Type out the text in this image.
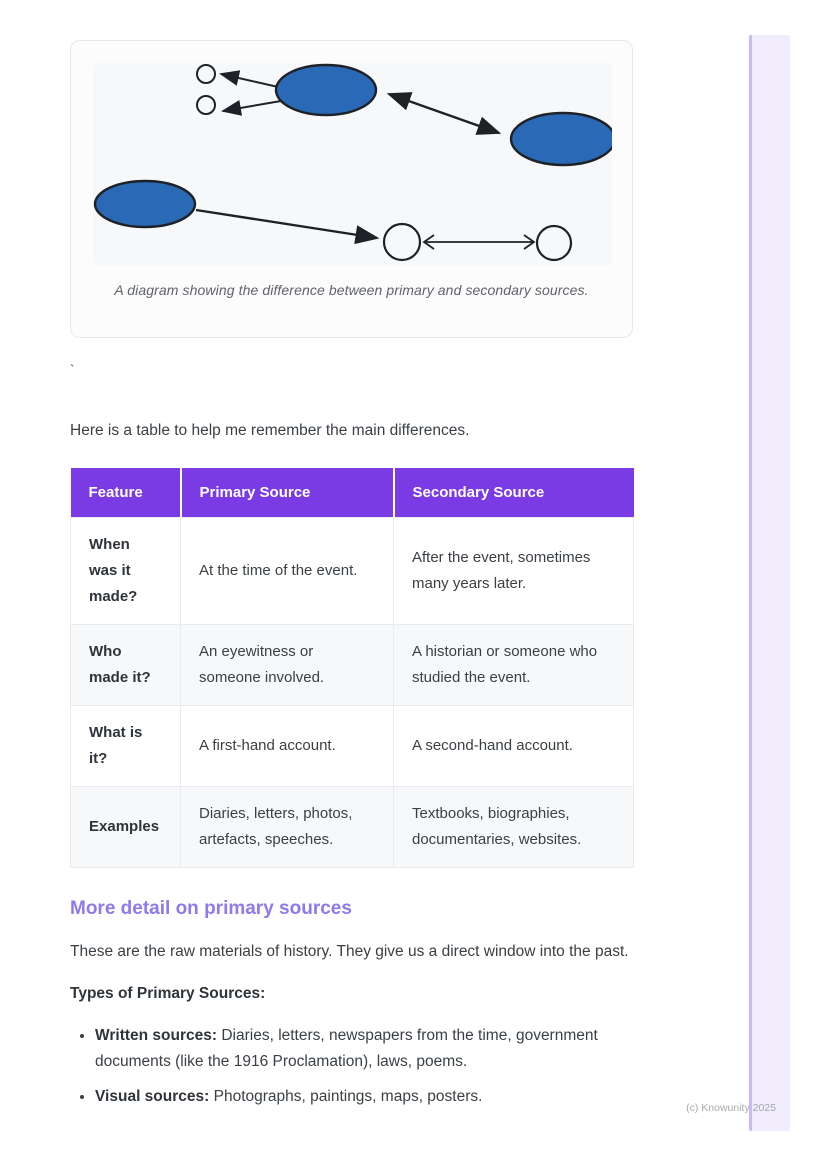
A diagram showing the difference between primary and secondary sources.
`

Here is a table to help me remember the main differences.

Feature	Primary Source	Secondary Source
When was it made?	At the time of the event.	After the event, sometimes many years later.
Who made it?	An eyewitness or someone involved.	A historian or someone who studied the event.
What is it?	A first-hand account.	A second-hand account.
Examples	Diaries, letters, photos, artefacts, speeches.	Textbooks, biographies, documentaries, websites.
More detail on primary sources

These are the raw materials of history. They give us a direct window into the past.

Types of Primary Sources:

• Written sources: Diaries, letters, newspapers from the time, government documents (like the 1916 Proclamation), laws, poems.
• Visual sources: Photographs, paintings, maps, posters.
(c) Knowunity 2025
